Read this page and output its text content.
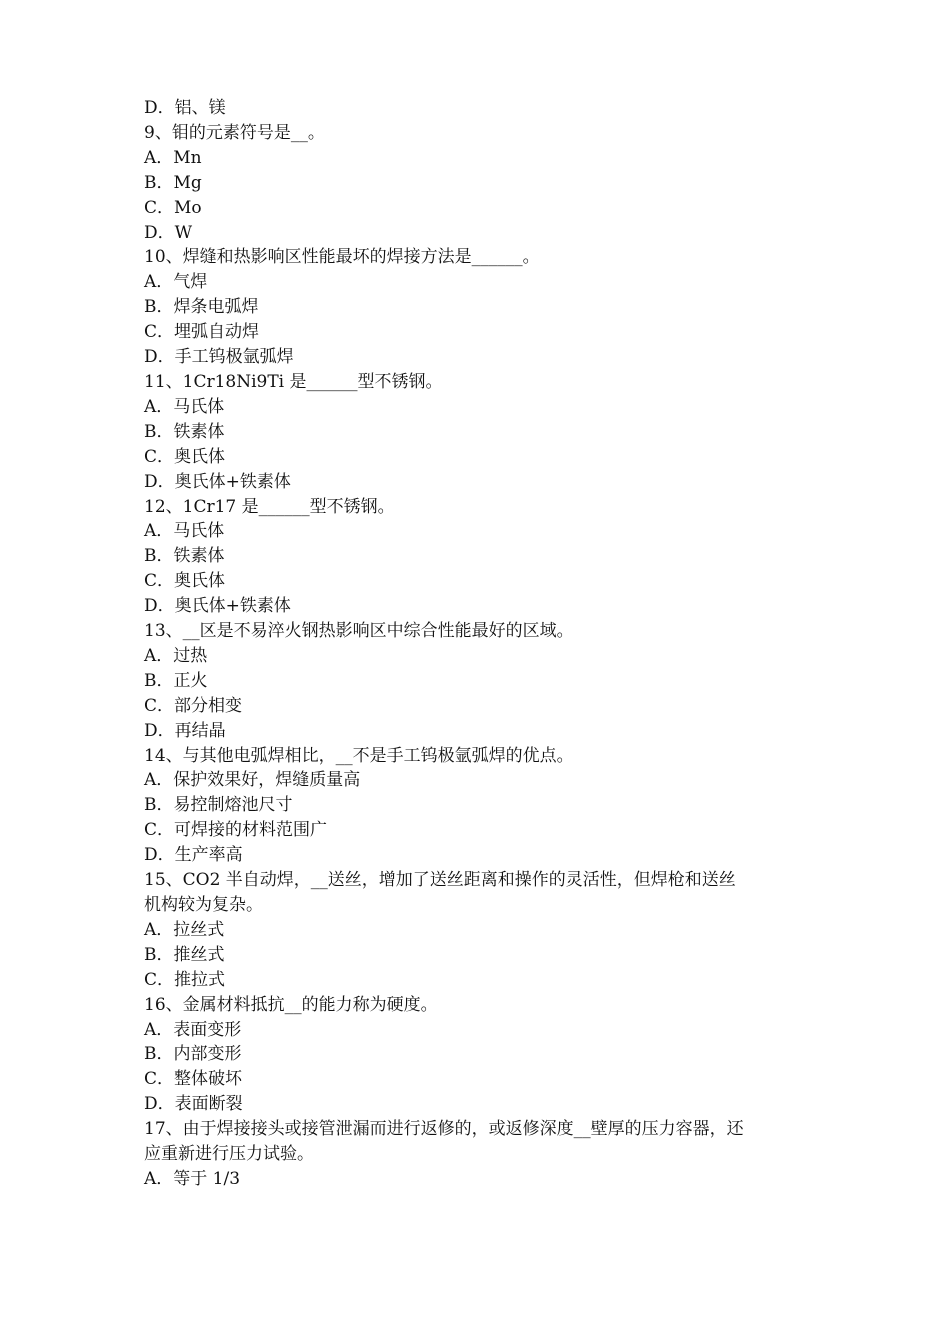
D．铝、镁

9、钼的元素符号是__。

A．Mn

B．Mg

C．Mo

D．W

10、焊缝和热影响区性能最坏的焊接方法是______。

A．气焊

B．焊条电弧焊

C．埋弧自动焊

D．手工钨极氩弧焊

11、1Cr18Ni9Ti 是______型不锈钢。

A．马氏体

B．铁素体

C．奥氏体

D．奥氏体+铁素体

12、1Cr17 是______型不锈钢。

A．马氏体

B．铁素体

C．奥氏体

D．奥氏体+铁素体

13、__区是不易淬火钢热影响区中综合性能最好的区域。

A．过热

B．正火

C．部分相变

D．再结晶

14、与其他电弧焊相比，__不是手工钨极氩弧焊的优点。

A．保护效果好，焊缝质量高

B．易控制熔池尺寸

C．可焊接的材料范围广

D．生产率高

15、CO2 半自动焊，__送丝，增加了送丝距离和操作的灵活性，但焊枪和送丝

机构较为复杂。

A．拉丝式

B．推丝式

C．推拉式

16、金属材料抵抗__的能力称为硬度。

A．表面变形

B．内部变形

C．整体破坏

D．表面断裂

17、由于焊接接头或接管泄漏而进行返修的，或返修深度__壁厚的压力容器，还

应重新进行压力试验。

A．等于 1/3
